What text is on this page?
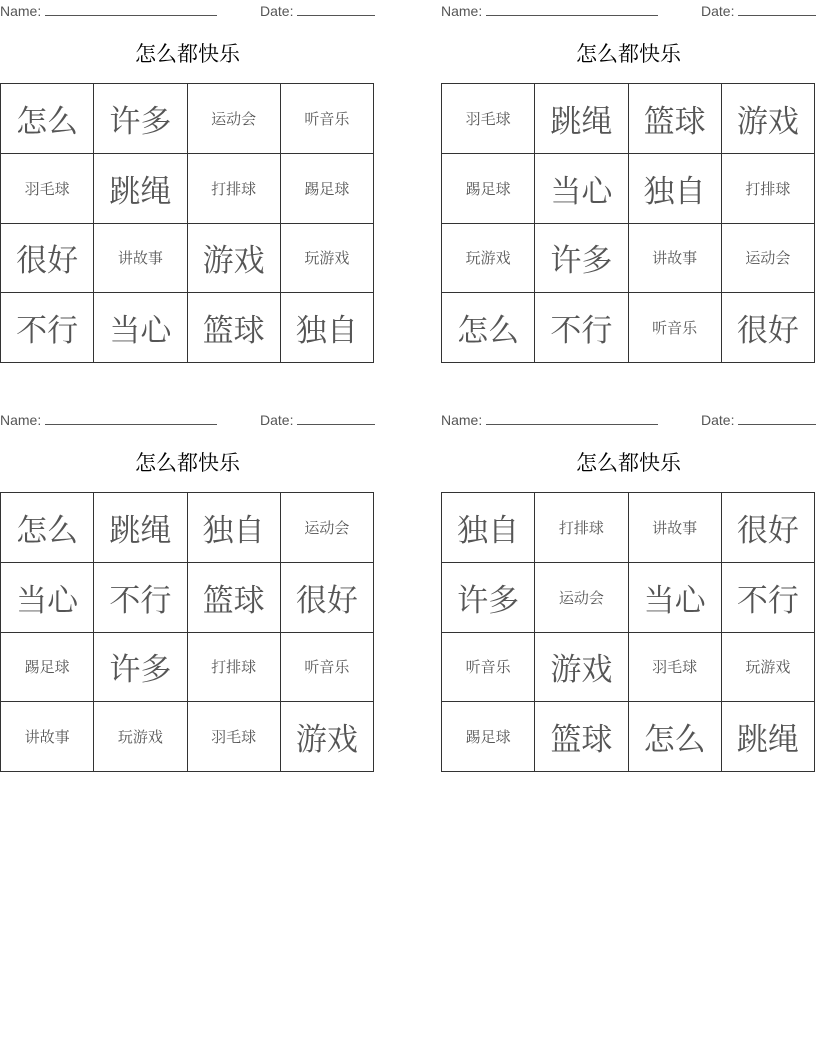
Name:	Date:
怎么都快乐
怎么	许多	运动会	听音乐
羽毛球	跳绳	打排球	踢足球
很好	讲故事	游戏	玩游戏
不行	当心	篮球	独自
Name:	Date:
怎么都快乐
羽毛球	跳绳	篮球	游戏
踢足球	当心	独自	打排球
玩游戏	许多	讲故事	运动会
怎么	不行	听音乐	很好
Name:	Date:
怎么都快乐
怎么	跳绳	独自	运动会
当心	不行	篮球	很好
踢足球	许多	打排球	听音乐
讲故事	玩游戏	羽毛球	游戏
Name:	Date:
怎么都快乐
独自	打排球	讲故事	很好
许多	运动会	当心	不行
听音乐	游戏	羽毛球	玩游戏
踢足球	篮球	怎么	跳绳
